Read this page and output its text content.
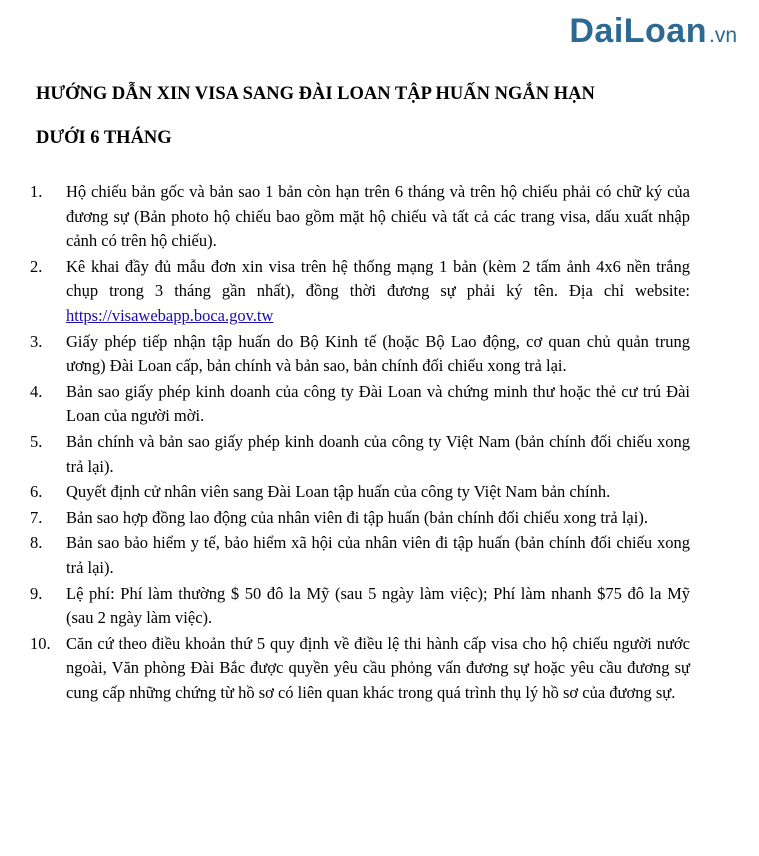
DaiLoan .vn
HƯỚNG DẪN XIN VISA SANG ĐÀI LOAN TẬP HUẤN NGẮN HẠN
DƯỚI 6 THÁNG
1.	Hộ chiếu bản gốc và bản sao 1 bản còn hạn trên 6 tháng và trên hộ chiếu phải có chữ ký của đương sự (Bản photo hộ chiếu bao gồm mặt hộ chiếu và tất cả các trang visa, dấu xuất nhập cảnh có trên hộ chiếu).
2.	Kê khai đầy đủ mẫu đơn xin visa trên hệ thống mạng 1 bản (kèm 2 tấm ảnh 4x6 nền trắng chụp trong 3 tháng gần nhất), đồng thời đương sự phải ký tên. Địa chỉ website: https://visawebapp.boca.gov.tw
3.	Giấy phép tiếp nhận tập huấn do Bộ Kinh tế (hoặc Bộ Lao động, cơ quan chủ quản trung ương) Đài Loan cấp, bản chính và bản sao, bản chính đối chiếu xong trả lại.
4.	Bản sao giấy phép kinh doanh của công ty Đài Loan và chứng minh thư hoặc thẻ cư trú Đài Loan của người mời.
5.	Bản chính và bản sao giấy phép kinh doanh của công ty Việt Nam (bản chính đối chiếu xong trả lại).
6.	Quyết định cử nhân viên sang Đài Loan tập huấn của công ty Việt Nam bản chính.
7.	Bản sao hợp đồng lao động của nhân viên đi tập huấn (bản chính đối chiếu xong trả lại).
8.	Bản sao bảo hiểm y tế, bảo hiểm xã hội của nhân viên đi tập huấn (bản chính đối chiếu xong trả lại).
9.	Lệ phí: Phí làm thường $ 50 đô la Mỹ (sau 5 ngày làm việc); Phí làm nhanh $75 đô la Mỹ (sau 2 ngày làm việc).
10. Căn cứ theo điều khoản thứ 5 quy định về điều lệ thi hành cấp visa cho hộ chiếu người nước ngoài, Văn phòng Đài Bắc được quyền yêu cầu phỏng vấn đương sự hoặc yêu cầu đương sự cung cấp những chứng từ hồ sơ có liên quan khác trong quá trình thụ lý hồ sơ của đương sự.
